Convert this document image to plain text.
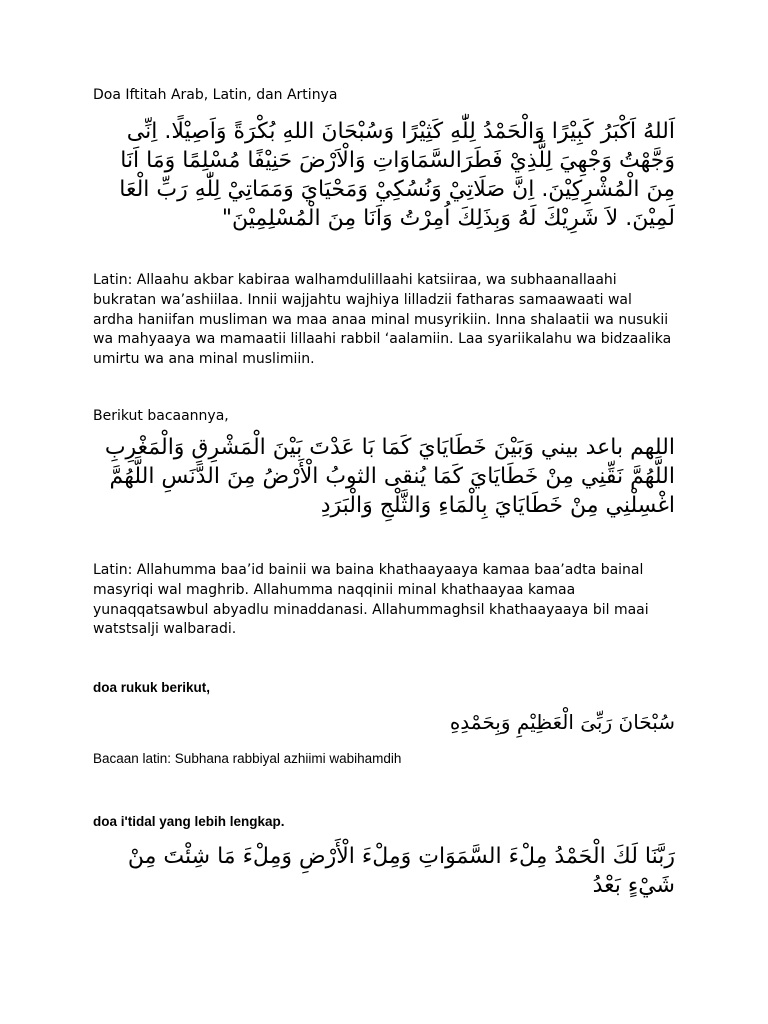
Doa Iftitah Arab, Latin, dan Artinya

اَللهُ اَكْبَرُ كَبِيْرًا وَالْحَمْدُ لِلّٰهِ كَثِيْرًا وَسُبْحَانَ اللهِ بُكْرَةً وَاَصِيْلًا. اِنِّى وَجَّهْتُ وَجْهِيَ لِلَّذِيْ فَطَرَالسَّمَاوَاتِ وَالْاَرْضَ حَنِيْفًا مُسْلِمًا وَمَا اَنَا مِنَ الْمُشْرِكِيْنَ. اِنَّ صَلَاتِيْ وَنُسُكِيْ وَمَحْيَايَ وَمَمَاتِيْ لِلّٰهِ رَبِّ الْعَا لَمِيْنَ. لاَ شَرِيْكَ لَهُ وَبِذَلِكَ اُمِرْتُ وَاَنَا مِنَ الْمُسْلِمِيْنَ"

Latin: Allaahu akbar kabiraa walhamdulillaahi katsiiraa, wa subhaanallaahi bukratan wa’ashiilaa. Innii wajjahtu wajhiya lilladzii fatharas samaawaati wal ardha haniifan musliman wa maa anaa minal musyrikiin. Inna shalaatii wa nusukii wa mahyaaya wa mamaatii lillaahi rabbil ‘aalamiin. Laa syariikalahu wa bidzaalika umirtu wa ana minal muslimiin.

Berikut bacaannya,

اللهم باعد بيني وَبَيْنَ خَطَايَايَ كَمَا بَا عَدْتَ بَيْنَ الْمَشْرِقِ وَالْمَغْرِبِ اللَّهُمَّ نَقِّنِي مِنْ خَطَايَايَ كَمَا يُنقى الثوبُ الْأَرْضُ مِنَ الدَّنَسِ اللَّهُمَّ اغْسِلْنِي مِنْ خَطَايَايَ بِالْمَاءِ وَالثَّلْجِ وَالْبَرَدِ

Latin: Allahumma baa’id bainii wa baina khathaayaaya kamaa baa’adta bainal masyriqi wal maghrib. Allahumma naqqinii minal khathaayaa kamaa yunaqqatsawbul abyadlu minaddanasi. Allahummaghsil khathaayaaya bil maai watstsalji walbaradi.

doa rukuk berikut,

سُبْحَانَ رَبِّىَ الْعَظِيْمِ وَبِحَمْدِهِ

Bacaan latin: Subhana rabbiyal azhiimi wabihamdih

doa i'tidal yang lebih lengkap.

رَبَّنَا لَكَ الْحَمْدُ مِلْءَ السَّمَوَاتِ وَمِلْءَ الْأَرْضِ وَمِلْءَ مَا شِئْتَ مِنْ شَيْءٍ بَعْدُ
